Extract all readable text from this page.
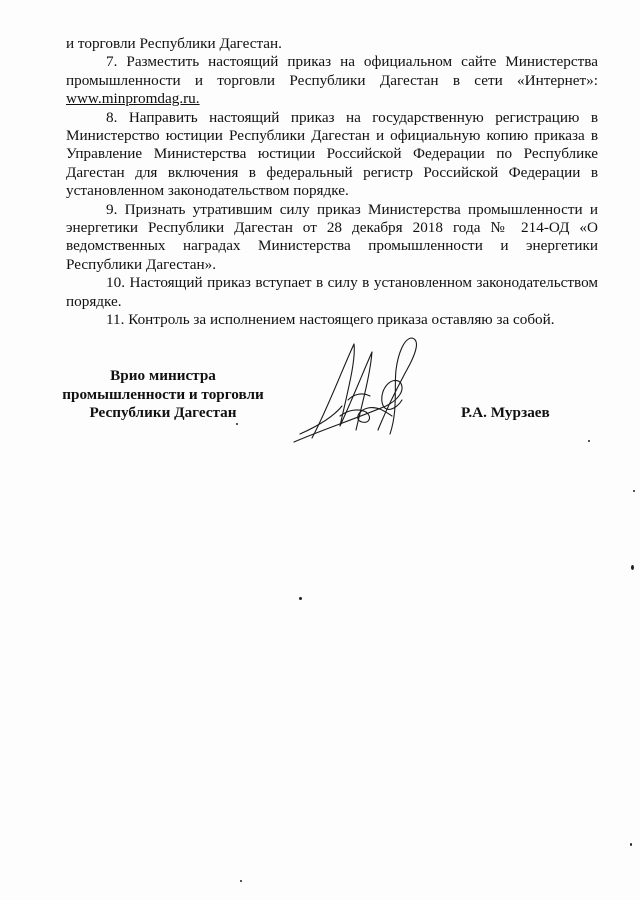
и торговли Республики Дагестан.

7. Разместить настоящий приказ на официальном сайте Министерства промышленности и торговли Республики Дагестан в сети «Интернет»: www.minpromdag.ru.

8. Направить настоящий приказ на государственную регистрацию в Министерство юстиции Республики Дагестан и официальную копию приказа в Управление Министерства юстиции Российской Федерации по Республике Дагестан для включения в федеральный регистр Российской Федерации в установленном законодательством порядке.

9. Признать утратившим силу приказ Министерства промышленности и энергетики Республики Дагестан от 28 декабря 2018 года № 214-ОД «О ведомственных наградах Министерства промышленности и энергетики Республики Дагестан».

10. Настоящий приказ вступает в силу в установленном законодательством порядке.

11. Контроль за исполнением настоящего приказа оставляю за собой.

Врио министра
промышленности и торговли
Республики Дагестан	Р.А. Мурзаев
